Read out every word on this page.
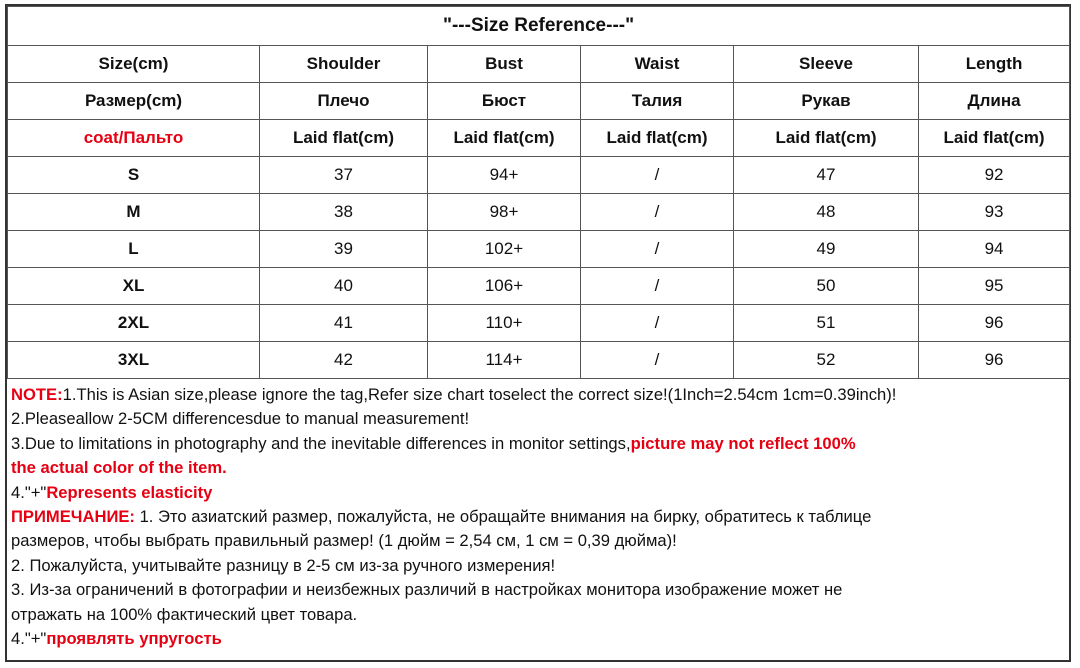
"---Size Reference---"					
Size(cm)	Shoulder	Bust	Waist	Sleeve	Length
Размер(cm)	Плечо	Бюст	Талия	Рукав	Длина
coat/Пальто	Laid flat(cm)	Laid flat(cm)	Laid flat(cm)	Laid flat(cm)	Laid flat(cm)
S	37	94+	/	47	92
M	38	98+	/	48	93
L	39	102+	/	49	94
XL	40	106+	/	50	95
2XL	41	110+	/	51	96
3XL	42	114+	/	52	96
NOTE:1.This is Asian size,please ignore the tag,Refer size chart toselect the correct size!(1Inch=2.54cm 1cm=0.39inch)!
2.Pleaseallow 2-5CM differencesdue to manual measurement!
3.Due to limitations in photography and the inevitable differences in monitor settings,picture may not reflect 100%
the actual color of the item.
4."+"Represents elasticity
ПРИМЕЧАНИЕ: 1. Это азиатский размер, пожалуйста, не обращайте внимания на бирку, обратитесь к таблице
размеров, чтобы выбрать правильный размер! (1 дюйм = 2,54 см, 1 см = 0,39 дюйма)!
2. Пожалуйста, учитывайте разницу в 2-5 см из-за ручного измерения!
3. Из-за ограничений в фотографии и неизбежных различий в настройках монитора изображение может не
отражать на 100% фактический цвет товара.
4."+"проявлять упругость
